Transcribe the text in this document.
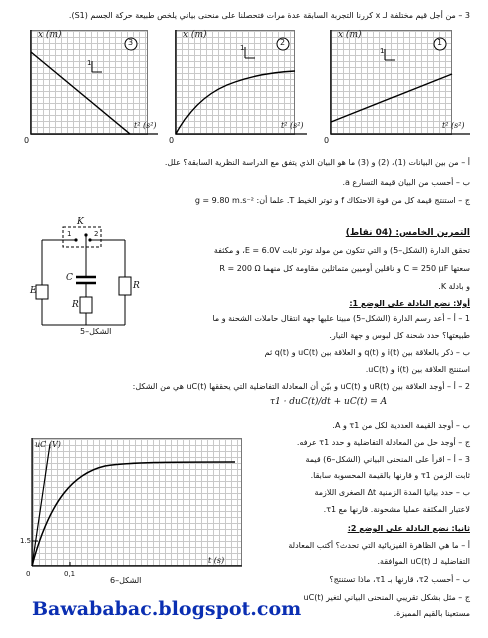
3 – من أجل قيم مختلفة لـ x كررنا التجربة السابقة عدة مرات فتحصلنا على منحنى بياني يلخص طبيعة حركة الجسم (S1).
x (m)
3
1
t² (s²)
0
x (m)
2
1
t² (s²)
0
x (m)
1
1
t² (s²)
0
أ – من بين البيانات (1)، (2) و (3) ما هو البيان الذي يتفق مع الدراسة النظرية السابقة؟ علل.
ب – أحسب من البيان قيمة التسارع a.
ج – استنتج قيمة كل من قوة الاحتكاك f و توتر الخيط T. علما أن: g = 9.80 m.s⁻²
التمرين الخامس: (04 نقاط)
تحقق الدارة (الشكل–5) و التي تتكون من مولد توتر ثابت E = 6.0V، و مكثفة
سعتها C = 250 µF و ناقلين أوميين متماثلين مقاومة كل منهما R = 200 Ω
و بادلة K.
K
1	2
C
E
R
R
الشكل–5
أولا: نضع البادلة على الوضع 1:
1 – أ – أعد رسم الدارة (الشكل–5) مبينا عليها جهة انتقال حاملات الشحنة و ما
طبيعتها؟ حدد شحنة كل لبوس و جهة التيار.
ب – ذكر بالعلاقة بين i(t) و q(t) و العلاقة بين uC(t) و q(t) ثم
استنتج العلاقة بين i(t) و uC(t).
2 – أ – أوجد العلاقة بين uR(t) و uC(t) و بيّن أن المعادلة التفاضلية التي يحققها uC(t) هي من الشكل:
τ1 · duC(t)/dt + uC(t) = A
ب – أوجد القيمة العددية لكل من τ1 و A.
ج – أوجد حل من المعادلة التفاضلية و حدد τ1 عرفه.
3 – أ – اقرأ على المنحنى البياني (الشكل–6) قيمة
ثابت الزمن τ1 و قارنها بالقيمة المحسوبة سابقا.
ب – حدد بيانيا المدة الزمنية Δt الصغرى اللازمة
لاعتبار المكثفة عمليا مشحونة. قارنها مع τ1.
ثانيا: نضع البادلة على الوضع 2:
أ – ما هي الظاهرة الفيزيائية التي تحدث؟ أكتب المعادلة
التفاضلية لـ uC(t) الموافقة.
ب – أحسب τ2، قارنها بـ τ1، ماذا تستنتج؟
ج – مثل بشكل تقريبي المنحنى البياني لتغير uC(t)
مستعينا بالقيم المميزة.
uC (V)
1.5
t (s)
0	0,1
الشكل–6
Bawababac.blogspot.com
